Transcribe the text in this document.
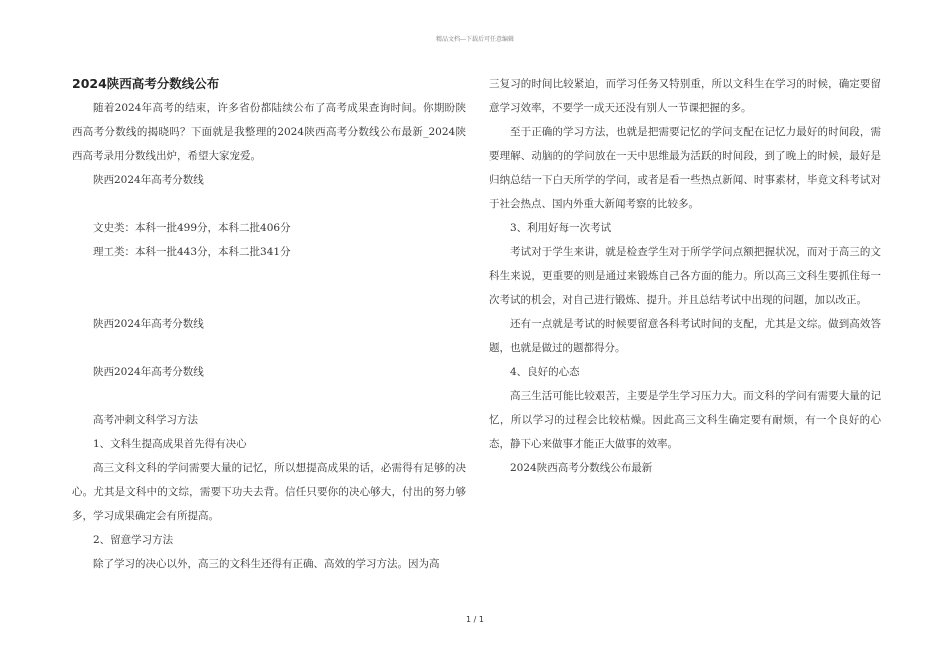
精品文档---下载后可任意编辑

2024陕西高考分数线公布

随着2024年高考的结束，许多省份都陆续公布了高考成果查询时间。你期盼陕西高考分数线的揭晓吗？下面就是我整理的2024陕西高考分数线公布最新_2024陕西高考录用分数线出炉，希望大家宠爱。

陕西2024年高考分数线

文史类：本科一批499分，本科二批406分

理工类：本科一批443分，本科二批341分

陕西2024年高考分数线

陕西2024年高考分数线

高考冲刺文科学习方法

1、文科生提高成果首先得有决心

高三文科文科的学问需要大量的记忆，所以想提高成果的话，必需得有足够的决心。尤其是文科中的文综，需要下功夫去背。信任只要你的决心够大，付出的努力够多，学习成果确定会有所提高。

2、留意学习方法

除了学习的决心以外，高三的文科生还得有正确、高效的学习方法。因为高

三复习的时间比较紧迫，而学习任务又特别重，所以文科生在学习的时候，确定要留意学习效率，不要学一成天还没有别人一节课把握的多。

至于正确的学习方法，也就是把需要记忆的学问支配在记忆力最好的时间段，需要理解、动脑的的学问放在一天中思维最为活跃的时间段，到了晚上的时候，最好是归纳总结一下白天所学的学问，或者是看一些热点新闻、时事素材，毕竟文科考试对于社会热点、国内外重大新闻考察的比较多。

3、利用好每一次考试

考试对于学生来讲，就是检查学生对于所学学问点额把握状况，而对于高三的文科生来说，更重要的则是通过来锻炼自己各方面的能力。所以高三文科生要抓住每一次考试的机会，对自己进行锻炼、提升。并且总结考试中出现的问题，加以改正。

还有一点就是考试的时候要留意各科考试时间的支配，尤其是文综。做到高效答题，也就是做过的题都得分。

4、良好的心态

高三生活可能比较艰苦，主要是学生学习压力大。而文科的学问有需要大量的记忆，所以学习的过程会比较枯燥。因此高三文科生确定要有耐烦，有一个良好的心态，静下心来做事才能正大做事的效率。

2024陕西高考分数线公布最新

1 / 1
